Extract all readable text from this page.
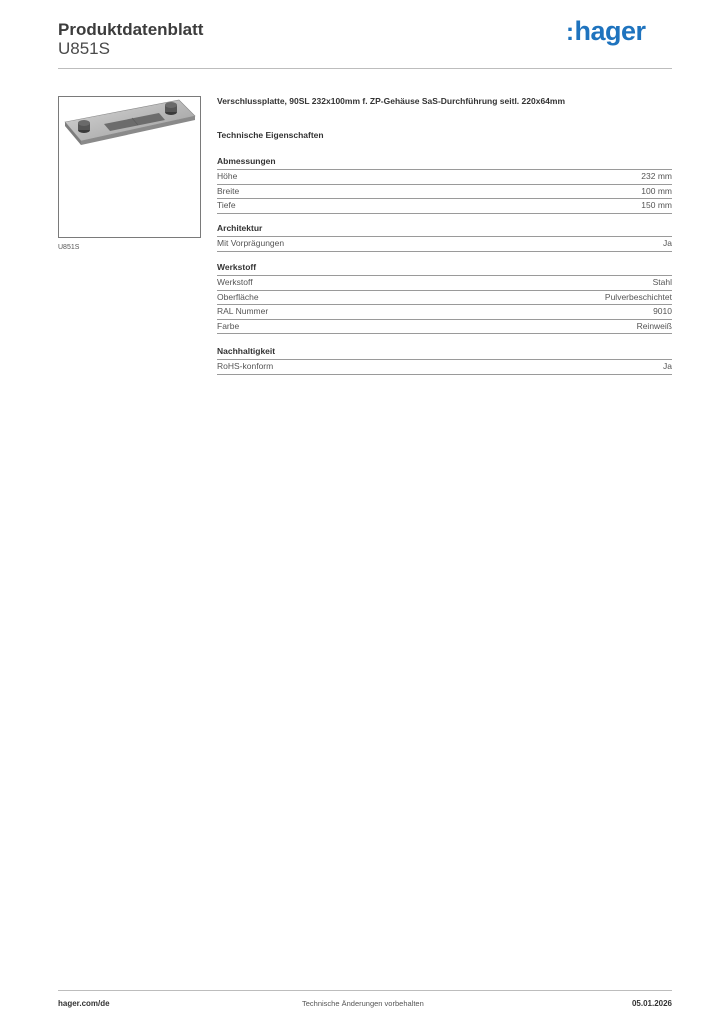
Produktdatenblatt
U851S
:hager
U851S
Verschlussplatte, 90SL 232x100mm f. ZP-Gehäuse SaS-Durchführung seitl. 220x64mm
Technische Eigenschaften
Abmessungen
Höhe	232 mm
Breite	100 mm
Tiefe	150 mm
Architektur
Mit Vorprägungen	Ja
Werkstoff
Werkstoff	Stahl
Oberfläche	Pulverbeschichtet
RAL Nummer	9010
Farbe	Reinweiß
Nachhaltigkeit
RoHS-konform	Ja
hager.com/de	Technische Änderungen vorbehalten	05.01.2026
